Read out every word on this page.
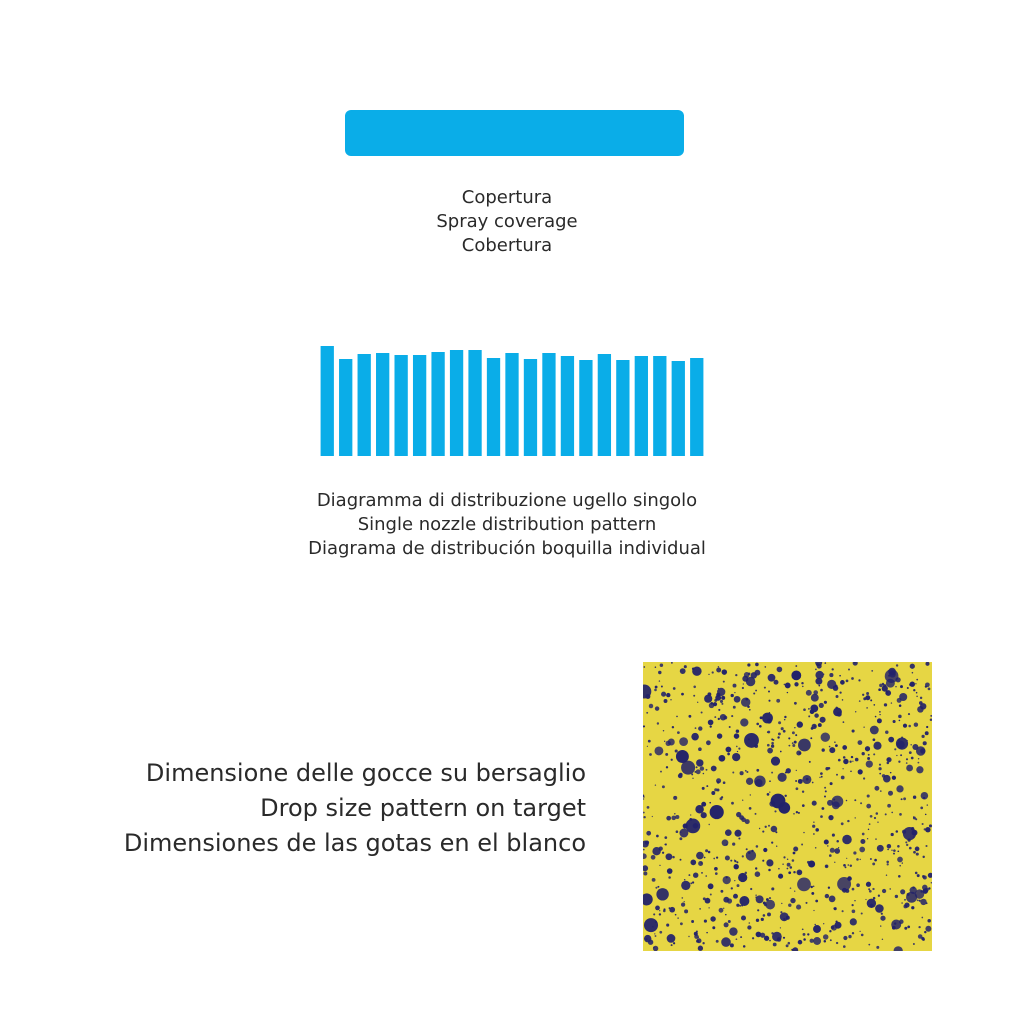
Copertura
Spray coverage
Cobertura
Diagramma di distribuzione ugello singolo
Single nozzle distribution pattern
Diagrama de distribución boquilla individual
Dimensione delle gocce su bersaglio
Drop size pattern on target
Dimensiones de las gotas en el blanco
